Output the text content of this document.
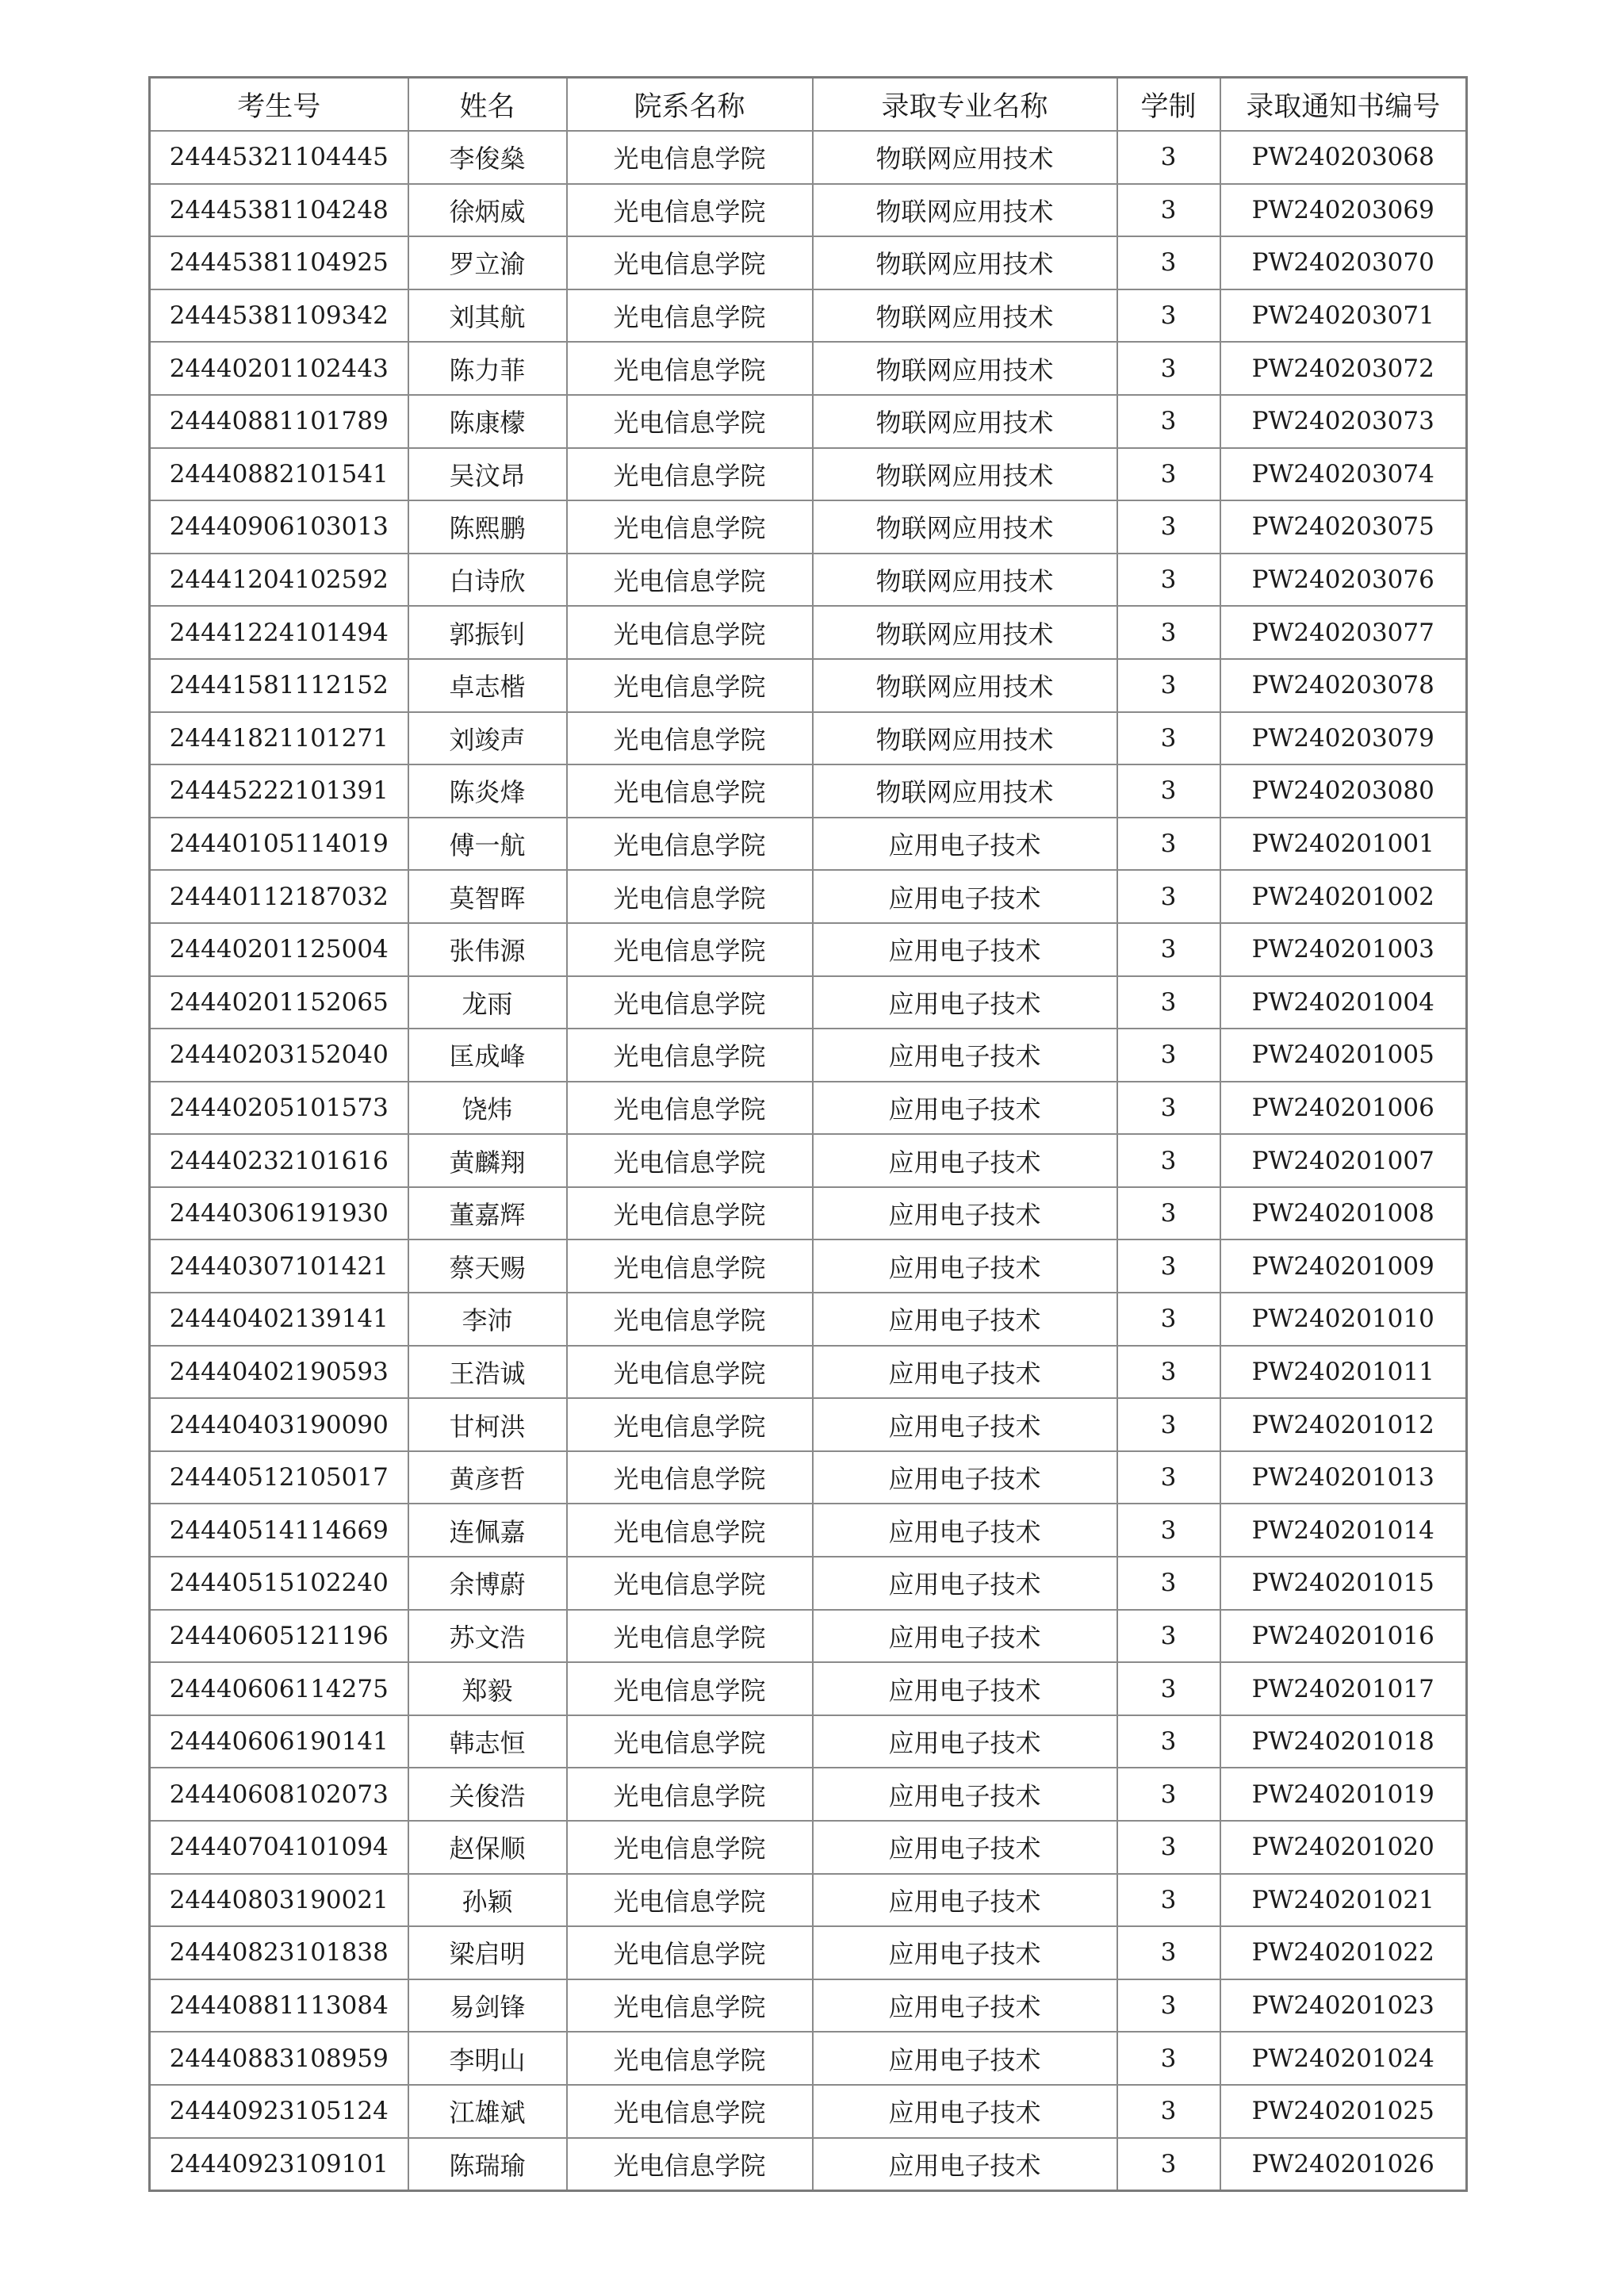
考生号	姓名	院系名称	录取专业名称	学制	录取通知书编号
24445321104445	李俊燊	光电信息学院	物联网应用技术	3	PW240203068
24445381104248	徐炳威	光电信息学院	物联网应用技术	3	PW240203069
24445381104925	罗立渝	光电信息学院	物联网应用技术	3	PW240203070
24445381109342	刘其航	光电信息学院	物联网应用技术	3	PW240203071
24440201102443	陈力菲	光电信息学院	物联网应用技术	3	PW240203072
24440881101789	陈康檬	光电信息学院	物联网应用技术	3	PW240203073
24440882101541	吴汶昂	光电信息学院	物联网应用技术	3	PW240203074
24440906103013	陈熙鹏	光电信息学院	物联网应用技术	3	PW240203075
24441204102592	白诗欣	光电信息学院	物联网应用技术	3	PW240203076
24441224101494	郭振钊	光电信息学院	物联网应用技术	3	PW240203077
24441581112152	卓志楷	光电信息学院	物联网应用技术	3	PW240203078
24441821101271	刘竣声	光电信息学院	物联网应用技术	3	PW240203079
24445222101391	陈炎烽	光电信息学院	物联网应用技术	3	PW240203080
24440105114019	傅一航	光电信息学院	应用电子技术	3	PW240201001
24440112187032	莫智晖	光电信息学院	应用电子技术	3	PW240201002
24440201125004	张伟源	光电信息学院	应用电子技术	3	PW240201003
24440201152065	龙雨	光电信息学院	应用电子技术	3	PW240201004
24440203152040	匡成峰	光电信息学院	应用电子技术	3	PW240201005
24440205101573	饶炜	光电信息学院	应用电子技术	3	PW240201006
24440232101616	黄麟翔	光电信息学院	应用电子技术	3	PW240201007
24440306191930	董嘉辉	光电信息学院	应用电子技术	3	PW240201008
24440307101421	蔡天赐	光电信息学院	应用电子技术	3	PW240201009
24440402139141	李沛	光电信息学院	应用电子技术	3	PW240201010
24440402190593	王浩诚	光电信息学院	应用电子技术	3	PW240201011
24440403190090	甘柯洪	光电信息学院	应用电子技术	3	PW240201012
24440512105017	黄彦哲	光电信息学院	应用电子技术	3	PW240201013
24440514114669	连佩嘉	光电信息学院	应用电子技术	3	PW240201014
24440515102240	余博蔚	光电信息学院	应用电子技术	3	PW240201015
24440605121196	苏文浩	光电信息学院	应用电子技术	3	PW240201016
24440606114275	郑毅	光电信息学院	应用电子技术	3	PW240201017
24440606190141	韩志恒	光电信息学院	应用电子技术	3	PW240201018
24440608102073	关俊浩	光电信息学院	应用电子技术	3	PW240201019
24440704101094	赵保顺	光电信息学院	应用电子技术	3	PW240201020
24440803190021	孙颖	光电信息学院	应用电子技术	3	PW240201021
24440823101838	梁启明	光电信息学院	应用电子技术	3	PW240201022
24440881113084	易剑锋	光电信息学院	应用电子技术	3	PW240201023
24440883108959	李明山	光电信息学院	应用电子技术	3	PW240201024
24440923105124	江雄斌	光电信息学院	应用电子技术	3	PW240201025
24440923109101	陈瑞瑜	光电信息学院	应用电子技术	3	PW240201026
